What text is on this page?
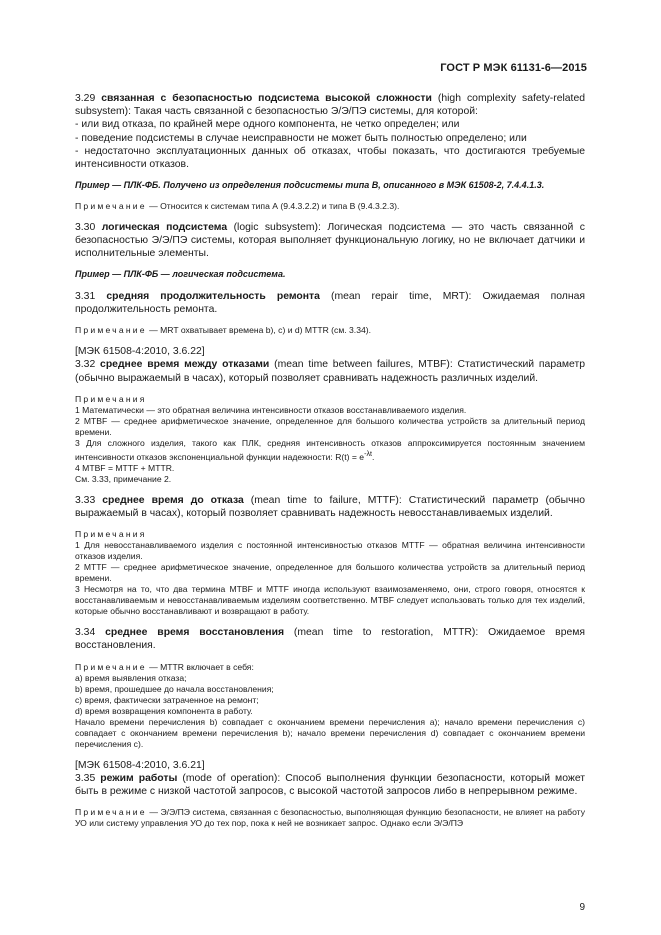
ГОСТ Р МЭК 61131-6—2015

3.29 связанная с безопасностью подсистема высокой сложности (high complexity safety-related subsystem): Такая часть связанной с безопасностью Э/Э/ПЭ системы, для которой:

- или вид отказа, по крайней мере одного компонента, не четко определен; или

- поведение подсистемы в случае неисправности не может быть полностью определено; или

- недостаточно эксплуатационных данных об отказах, чтобы показать, что достигаются требуемые интенсивности отказов.

Пример — ПЛК-ФБ. Получено из определения подсистемы типа В, описанного в МЭК 61508-2, 7.4.4.1.3.

Примечание — Относится к системам типа А (9.4.3.2.2) и типа В (9.4.3.2.3).

3.30 логическая подсистема (logic subsystem): Логическая подсистема — это часть связанной с безопасностью Э/Э/ПЭ системы, которая выполняет функциональную логику, но не включает датчики и исполнительные элементы.

Пример — ПЛК-ФБ — логическая подсистема.

3.31 средняя продолжительность ремонта (mean repair time, MRT): Ожидаемая полная продолжительность ремонта.

Примечание — MRT охватывает времена b), c) и d) MTTR (см. 3.34).

[МЭК 61508-4:2010, 3.6.22]

3.32 среднее время между отказами (mean time between failures, MTBF): Статистический параметр (обычно выражаемый в часах), который позволяет сравнивать надежность различных изделий.

Примечания

1 Математически — это обратная величина интенсивности отказов восстанавливаемого изделия.

2 MTBF — среднее арифметическое значение, определенное для большого количества устройств за длительный период времени.

3 Для сложного изделия, такого как ПЛК, средняя интенсивность отказов аппроксимируется постоянным значением интенсивности отказов экспоненциальной функции надежности: $R(t) = e^{-\lambda t}$.

4 MTBF = MTTF + MTTR.

См. 3.33, примечание 2.

3.33 среднее время до отказа (mean time to failure, MTTF): Статистический параметр (обычно выражаемый в часах), который позволяет сравнивать надежность невосстанавливаемых изделий.

Примечания

1 Для невосстанавливаемого изделия с постоянной интенсивностью отказов MTTF — обратная величина интенсивности отказов изделия.

2 MTTF — среднее арифметическое значение, определенное для большого количества устройств за длительный период времени.

3 Несмотря на то, что два термина MTBF и MTTF иногда используют взаимозаменяемо, они, строго говоря, относятся к восстанавливаемым и невосстанавливаемым изделиям соответственно. MTBF следует использовать только для тех изделий, которые обычно восстанавливают и возвращают в работу.

3.34 среднее время восстановления (mean time to restoration, MTTR): Ожидаемое время восстановления.

Примечание — MTTR включает в себя:

a) время выявления отказа;

b) время, прошедшее до начала восстановления;

c) время, фактически затраченное на ремонт;

d) время возвращения компонента в работу.

Начало времени перечисления b) совпадает с окончанием времени перечисления a); начало времени перечисления c) совпадает с окончанием времени перечисления b); начало времени перечисления d) совпадает с окончанием времени перечисления c).

[МЭК 61508-4:2010, 3.6.21]

3.35 режим работы (mode of operation): Способ выполнения функции безопасности, который может быть в режиме с низкой частотой запросов, с высокой частотой запросов либо в непрерывном режиме.

Примечание — Э/Э/ПЭ система, связанная с безопасностью, выполняющая функцию безопасности, не влияет на работу УО или систему управления УО до тех пор, пока к ней не возникает запрос. Однако если Э/Э/ПЭ

9
